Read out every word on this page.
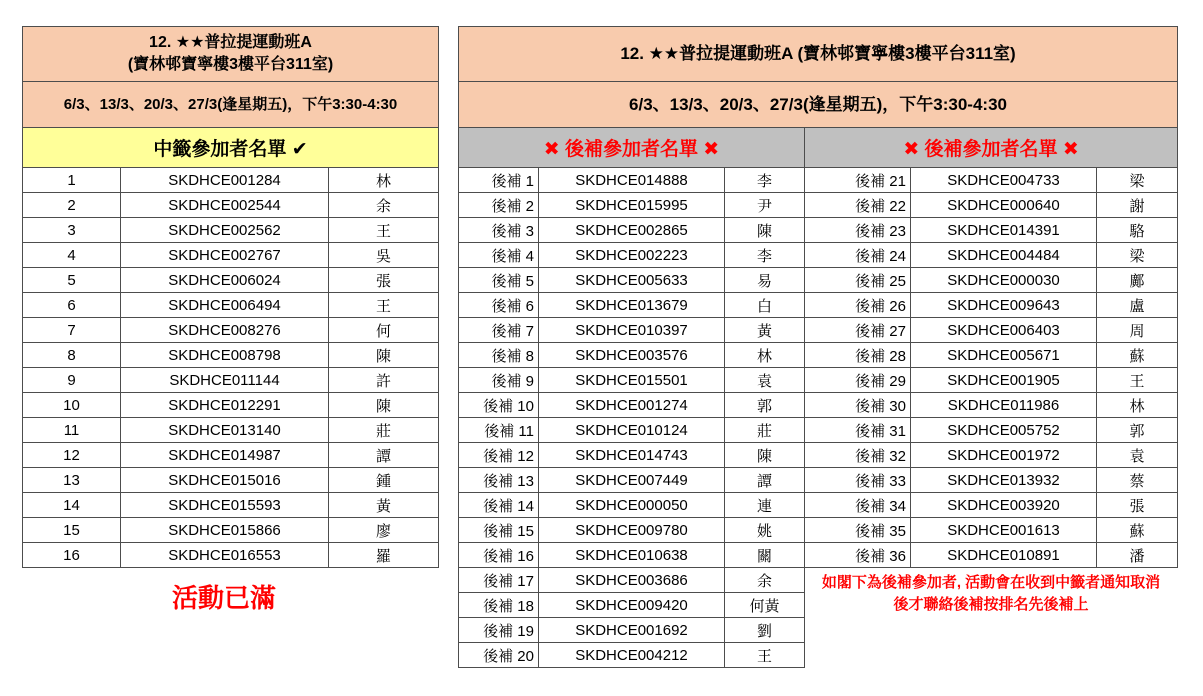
12. ★★普拉提運動班A
(寶林邨寶寧樓3樓平台311室)		
6/3、13/3、20/3、27/3(逢星期五)，下午3:30-4:30		
中籤參加者名單 ✔		
1	SKDHCE001284	林
2	SKDHCE002544	余
3	SKDHCE002562	王
4	SKDHCE002767	吳
5	SKDHCE006024	張
6	SKDHCE006494	王
7	SKDHCE008276	何
8	SKDHCE008798	陳
9	SKDHCE011144	許
10	SKDHCE012291	陳
11	SKDHCE013140	莊
12	SKDHCE014987	譚
13	SKDHCE015016	鍾
14	SKDHCE015593	黃
15	SKDHCE015866	廖
16	SKDHCE016553	羅
活動已滿
12. ★★普拉提運動班A (寶林邨寶寧樓3樓平台311室)					
6/3、13/3、20/3、27/3(逢星期五)，下午3:30-4:30					
✖ 後補參加者名單 ✖			✖ 後補參加者名單 ✖		
後補 1	SKDHCE014888	李	後補 21	SKDHCE004733	梁
後補 2	SKDHCE015995	尹	後補 22	SKDHCE000640	謝
後補 3	SKDHCE002865	陳	後補 23	SKDHCE014391	駱
後補 4	SKDHCE002223	李	後補 24	SKDHCE004484	梁
後補 5	SKDHCE005633	易	後補 25	SKDHCE000030	鄺
後補 6	SKDHCE013679	白	後補 26	SKDHCE009643	盧
後補 7	SKDHCE010397	黃	後補 27	SKDHCE006403	周
後補 8	SKDHCE003576	林	後補 28	SKDHCE005671	蘇
後補 9	SKDHCE015501	袁	後補 29	SKDHCE001905	王
後補 10	SKDHCE001274	郭	後補 30	SKDHCE011986	林
後補 11	SKDHCE010124	莊	後補 31	SKDHCE005752	郭
後補 12	SKDHCE014743	陳	後補 32	SKDHCE001972	袁
後補 13	SKDHCE007449	譚	後補 33	SKDHCE013932	蔡
後補 14	SKDHCE000050	連	後補 34	SKDHCE003920	張
後補 15	SKDHCE009780	姚	後補 35	SKDHCE001613	蘇
後補 16	SKDHCE010638	關	後補 36	SKDHCE010891	潘
後補 17	SKDHCE003686	余			
後補 18	SKDHCE009420	何黃			
後補 19	SKDHCE001692	劉			
後補 20	SKDHCE004212	王			
如閣下為後補參加者, 活動會在收到中籤者通知取消
後才聯絡後補按排名先後補上
